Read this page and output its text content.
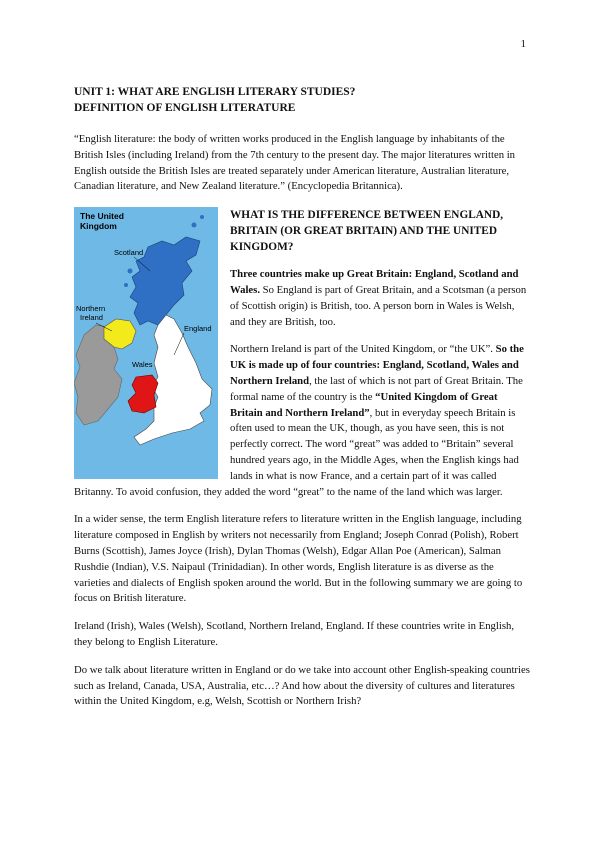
1

UNIT 1: WHAT ARE ENGLISH LITERARY STUDIES?

DEFINITION OF ENGLISH LITERATURE

“English literature: the body of written works produced in the English language by inhabitants of the British Isles (including Ireland) from the 7th century to the present day. The major literatures written in English outside the British Isles are treated separately under American literature, Australian literature, Canadian literature, and New Zealand literature.” (Encyclopedia Britannica).

The United
Kingdom
Scotland
Northern
Ireland
England
Wales

WHAT IS THE DIFFERENCE BETWEEN ENGLAND, BRITAIN (OR GREAT BRITAIN) AND THE UNITED KINGDOM?

Three countries make up Great Britain: England, Scotland and Wales. So England is part of Great Britain, and a Scotsman (a person of Scottish origin) is British, too. A person born in Wales is Welsh, and they are British, too.

Northern Ireland is part of the United Kingdom, or “the UK”. So the UK is made up of four countries: England, Scotland, Wales and Northern Ireland, the last of which is not part of Great Britain. The formal name of the country is the “United Kingdom of Great Britain and Northern Ireland”, but in everyday speech Britain is often used to mean the UK, though, as you have seen, this is not perfectly correct. The word “great” was added to “Britain” several hundred years ago, in the Middle Ages, when the English kings had lands in what is now France, and a certain part of it was called Britanny. To avoid confusion, they added the word “great” to the name of the land which was larger.

In a wider sense, the term English literature refers to literature written in the English language, including literature composed in English by writers not necessarily from England; Joseph Conrad (Polish), Robert Burns (Scottish), James Joyce (Irish), Dylan Thomas (Welsh), Edgar Allan Poe (American), Salman Rushdie (Indian), V.S. Naipaul (Trinidadian). In other words, English literature is as diverse as the varieties and dialects of English spoken around the world. But in the following summary we are going to focus on British literature.

Ireland (Irish), Wales (Welsh), Scotland, Northern Ireland, England. If these countries write in English, they belong to English Literature.

Do we talk about literature written in England or do we take into account other English-speaking countries such as Ireland, Canada, USA, Australia, etc…? And how about the diversity of cultures and literatures within the United Kingdom, e.g, Welsh, Scottish or Northern Irish?
